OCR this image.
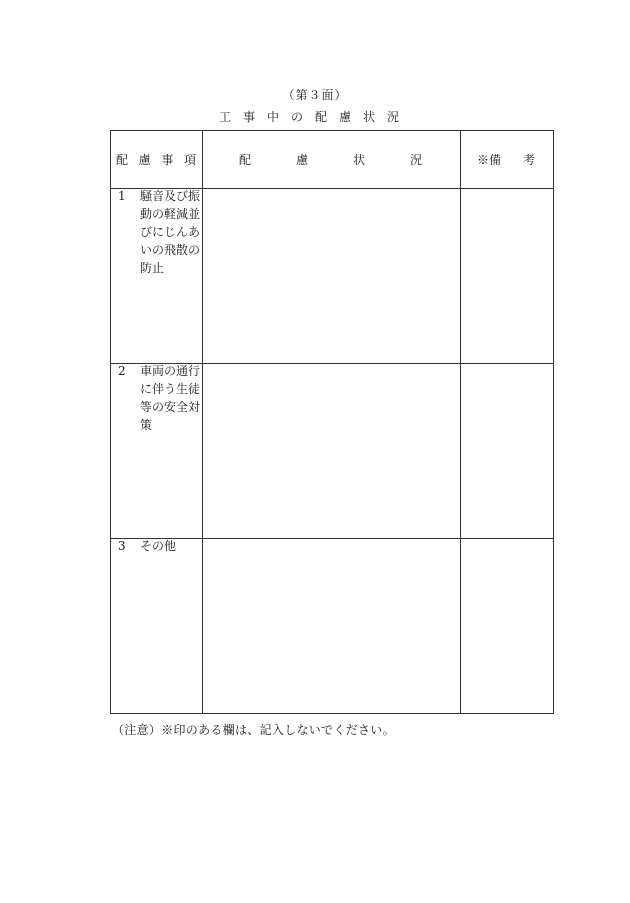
（第３面）
工事中の配慮状況
配 慮 事 項	配 慮 状 況	※備 考

1 騒音及び振動の軽減並びにじんあいの飛散の防止		

2 車両の通行に伴う生徒等の安全対策		

3 その他		

（注意）※印のある欄は、記入しないでください。
